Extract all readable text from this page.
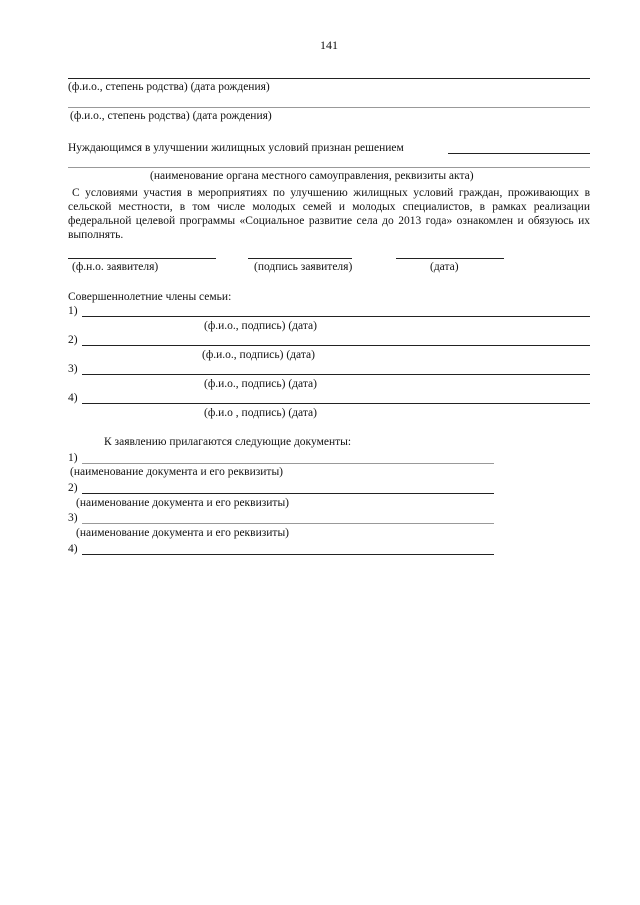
141
(ф.и.о., степень родства) (дата рождения)
(ф.и.о., степень родства) (дата рождения)
Нуждающимся в улучшении жилищных условий признан решением
(наименование органа местного самоуправления, реквизиты акта)
С условиями участия в мероприятиях по улучшению жилищных условий граждан, проживающих в сельской местности, в том числе молодых семей и молодых специалистов, в рамках реализации федеральной целевой программы «Социальное развитие села до 2013 года» ознакомлен и обязуюсь их выполнять.
(ф.н.о. заявителя)	(подпись заявителя)	(дата)
Совершеннолетние члены семьи:
1)
(ф.и.о., подпись) (дата)
2)
(ф.и.о., подпись) (дата)
3)
(ф.и.о., подпись) (дата)
4)
(ф.и.о , подпись) (дата)
К заявлению прилагаются следующие документы:
1)
(наименование документа и его реквизиты)
2)
(наименование документа и его реквизиты)
3)
(наименование документа и его реквизиты)
4)
